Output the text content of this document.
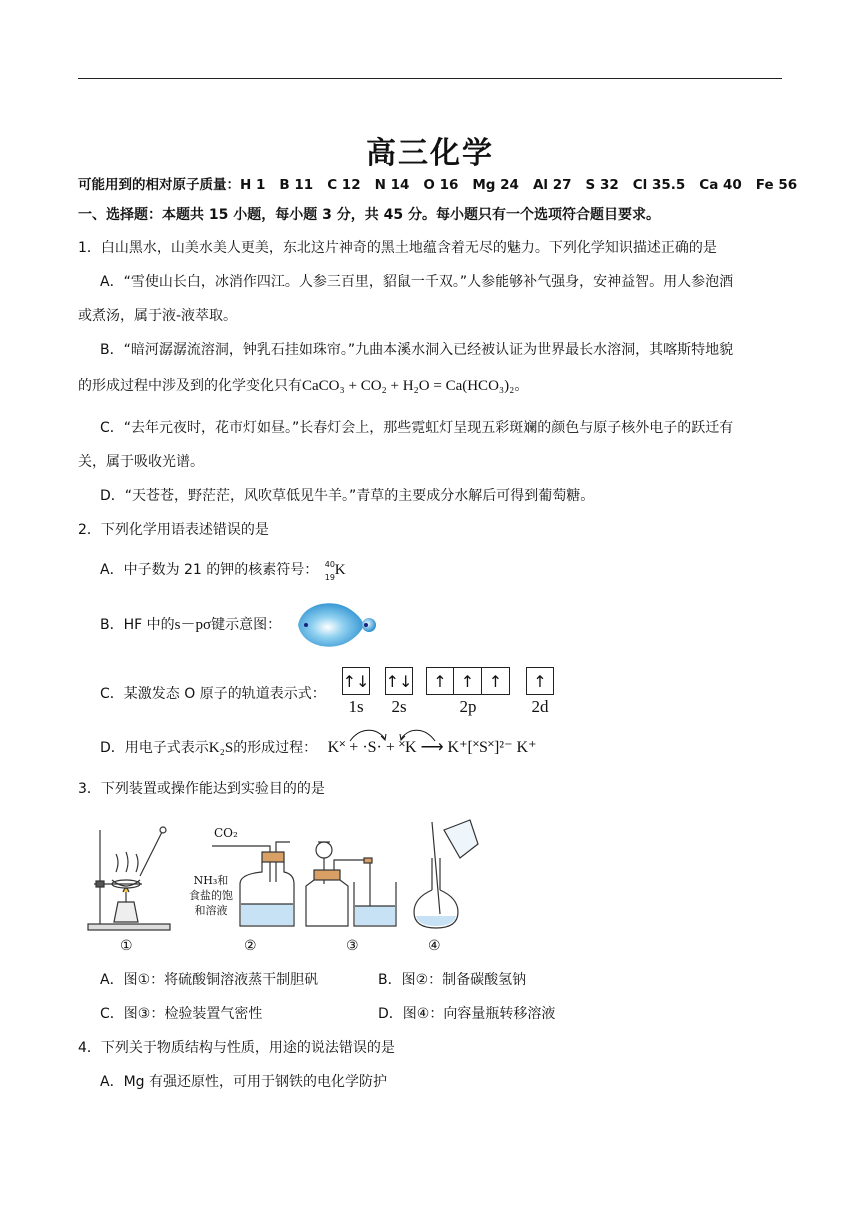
高三化学
可能用到的相对原子质量：H 1 B 11 C 12 N 14 O 16 Mg 24 Al 27 S 32 Cl 35.5 Ca 40 Fe 56
一、选择题：本题共 15 小题，每小题 3 分，共 45 分。每小题只有一个选项符合题目要求。
1．白山黑水，山美水美人更美，东北这片神奇的黑土地蕴含着无尽的魅力。下列化学知识描述正确的是
A．“雪使山长白，冰消作四江。人参三百里，貂鼠一千双。”人参能够补气强身，安神益智。用人参泡酒
或煮汤，属于液-液萃取。
B．“暗河潺潺流溶洞，钟乳石挂如珠帘。”九曲本溪水洞入已经被认证为世界最长水溶洞，其喀斯特地貌
的形成过程中涉及到的化学变化只有CaCO₃ + CO₂ + H₂O = Ca(HCO₃)₂。
C．“去年元夜时，花市灯如昼。”长春灯会上，那些霓虹灯呈现五彩斑斓的颜色与原子核外电子的跃迁有
关，属于吸收光谱。
D．“天苍苍，野茫茫，风吹草低见牛羊。”青草的主要成分水解后可得到葡萄糖。
2．下列化学用语表述错误的是
A．中子数为 21 的钾的核素符号： 40
19 K
B．HF 中的s－pσ键示意图：
C．某激发态 O 原子的轨道表示式：
↑↓
1s
↑↓
2s
↑ ↑ ↑
2p
↑
2d
D．用电子式表示K₂S的形成过程： K˟ + ·S· + ˟K ⟶ K⁺[˟S˟]²⁻ K⁺
3．下列装置或操作能达到实验目的的是
①
CO₂
NH₃和
食盐的饱
和溶液
②	③	④
A．图①：将硫酸铜溶液蒸干制胆矾	B．图②：制备碳酸氢钠
C．图③：检验装置气密性	D．图④：向容量瓶转移溶液
4．下列关于物质结构与性质，用途的说法错误的是
A．Mg 有强还原性，可用于钢铁的电化学防护
